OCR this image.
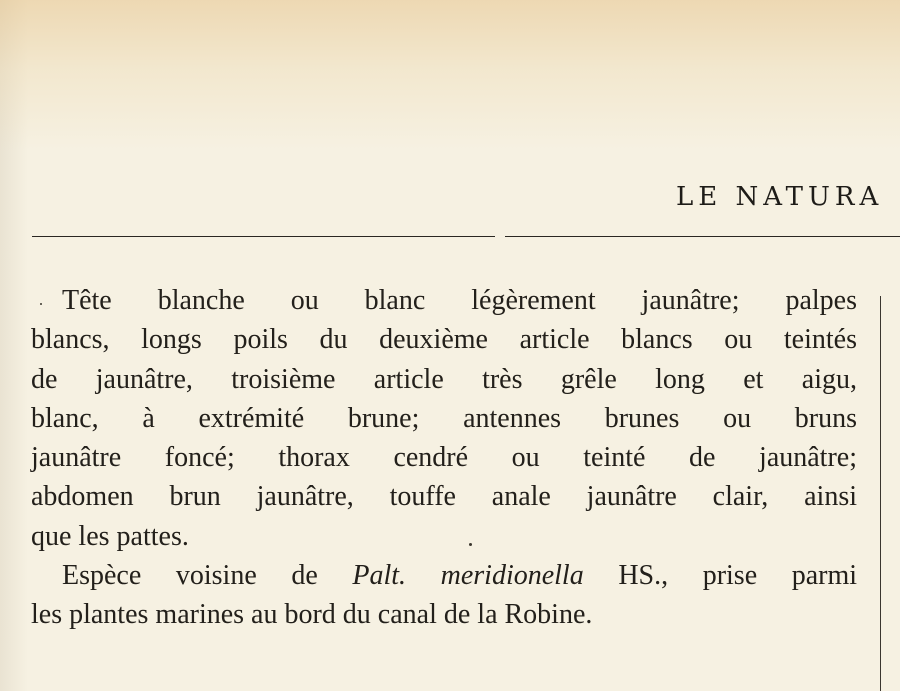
LE NATURA
Tête blanche ou blanc légèrement jaunâtre; palpes
blancs, longs poils du deuxième article blancs ou teintés
de jaunâtre, troisième article très grêle long et aigu,
blanc, à extrémité brune; antennes brunes ou bruns
jaunâtre foncé; thorax cendré ou teinté de jaunâtre;
abdomen brun jaunâtre, touffe anale jaunâtre clair, ainsi
que les pattes.
Espèce voisine de Palt. meridionella HS., prise parmi
les plantes marines au bord du canal de la Robine.
